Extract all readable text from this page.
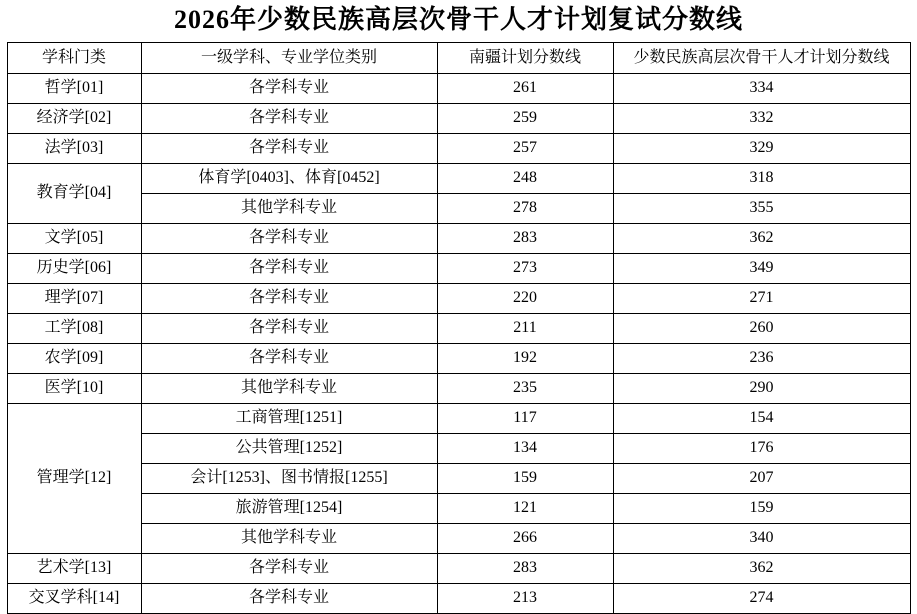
2026年少数民族高层次骨干人才计划复试分数线
学科门类	一级学科、专业学位类别	南疆计划分数线	少数民族高层次骨干人才计划分数线
哲学[01]	各学科专业	261	334
经济学[02]	各学科专业	259	332
法学[03]	各学科专业	257	329
教育学[04]	体育学[0403]、体育[0452]	248	318
	其他学科专业	278	355
文学[05]	各学科专业	283	362
历史学[06]	各学科专业	273	349
理学[07]	各学科专业	220	271
工学[08]	各学科专业	211	260
农学[09]	各学科专业	192	236
医学[10]	其他学科专业	235	290
管理学[12]	工商管理[1251]	117	154
	公共管理[1252]	134	176
	会计[1253]、图书情报[1255]	159	207
	旅游管理[1254]	121	159
	其他学科专业	266	340
艺术学[13]	各学科专业	283	362
交叉学科[14]	各学科专业	213	274
